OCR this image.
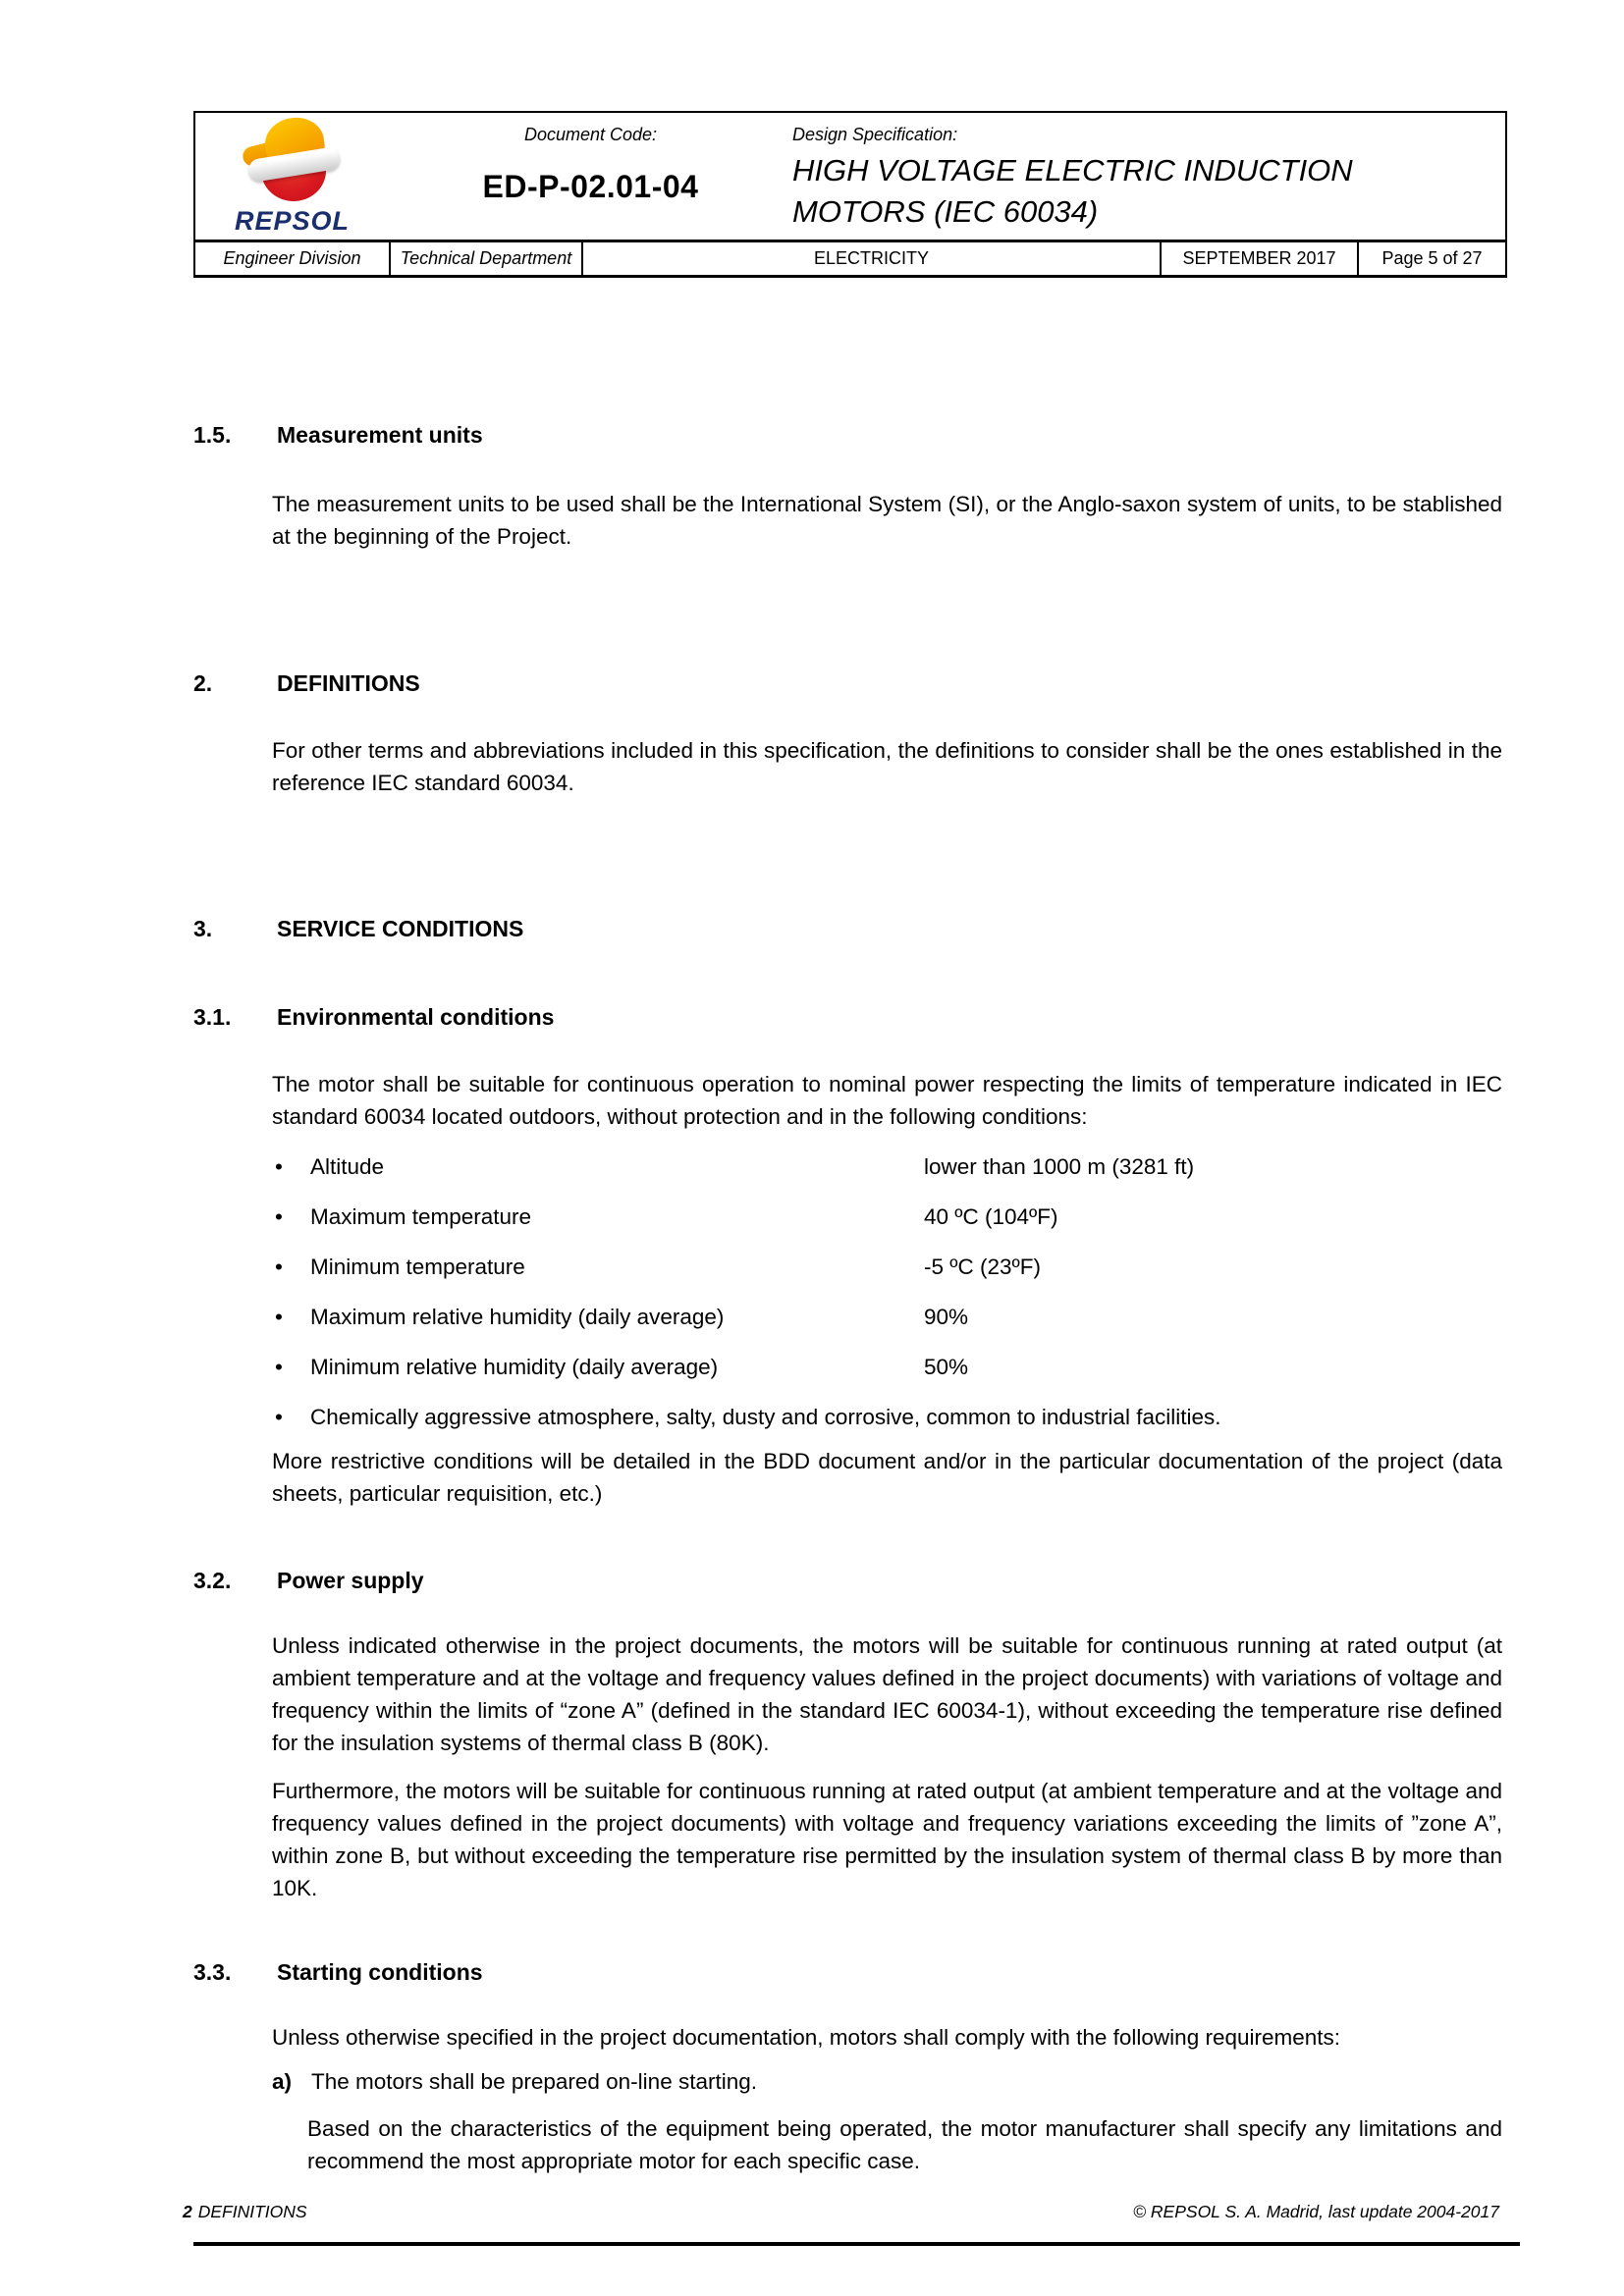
REPSOL
Document Code:
ED-P-02.01-04
Design Specification:
HIGH VOLTAGE ELECTRIC INDUCTION
MOTORS (IEC 60034)
Engineer Division	Technical Department	ELECTRICITY	SEPTEMBER 2017	Page 5 of 27
1.5.	Measurement units
The measurement units to be used shall be the International System (SI), or the Anglo-saxon system of units, to be stablished at the beginning of the Project.
2.	DEFINITIONS
For other terms and abbreviations included in this specification, the definitions to consider shall be the ones established in the reference IEC standard 60034.
3.	SERVICE CONDITIONS
3.1.	Environmental conditions
The motor shall be suitable for continuous operation to nominal power respecting the limits of temperature indicated in IEC standard 60034 located outdoors, without protection and in the following conditions:
•	Altitude	lower than 1000 m (3281 ft)
•	Maximum temperature	40 ºC (104ºF)
•	Minimum temperature	-5 ºC (23ºF)
•	Maximum relative humidity (daily average)	90%
•	Minimum relative humidity (daily average)	50%
•	Chemically aggressive atmosphere, salty, dusty and corrosive, common to industrial facilities.
More restrictive conditions will be detailed in the BDD document and/or in the particular documentation of the project (data sheets, particular requisition, etc.)
3.2.	Power supply
Unless indicated otherwise in the project documents, the motors will be suitable for continuous running at rated output (at ambient temperature and at the voltage and frequency values defined in the project documents) with variations of voltage and frequency within the limits of “zone A” (defined in the standard IEC 60034-1), without exceeding the temperature rise defined for the insulation systems of thermal class B (80K).
Furthermore, the motors will be suitable for continuous running at rated output (at ambient temperature and at the voltage and frequency values defined in the project documents) with voltage and frequency variations exceeding the limits of ”zone A”, within zone B, but without exceeding the temperature rise permitted by the insulation system of thermal class B by more than 10K.
3.3.	Starting conditions
Unless otherwise specified in the project documentation, motors shall comply with the following requirements:
a) The motors shall be prepared on-line starting.
Based on the characteristics of the equipment being operated, the motor manufacturer shall specify any limitations and recommend the most appropriate motor for each specific case.
2 DEFINITIONS	© REPSOL S. A. Madrid, last update 2004-2017
